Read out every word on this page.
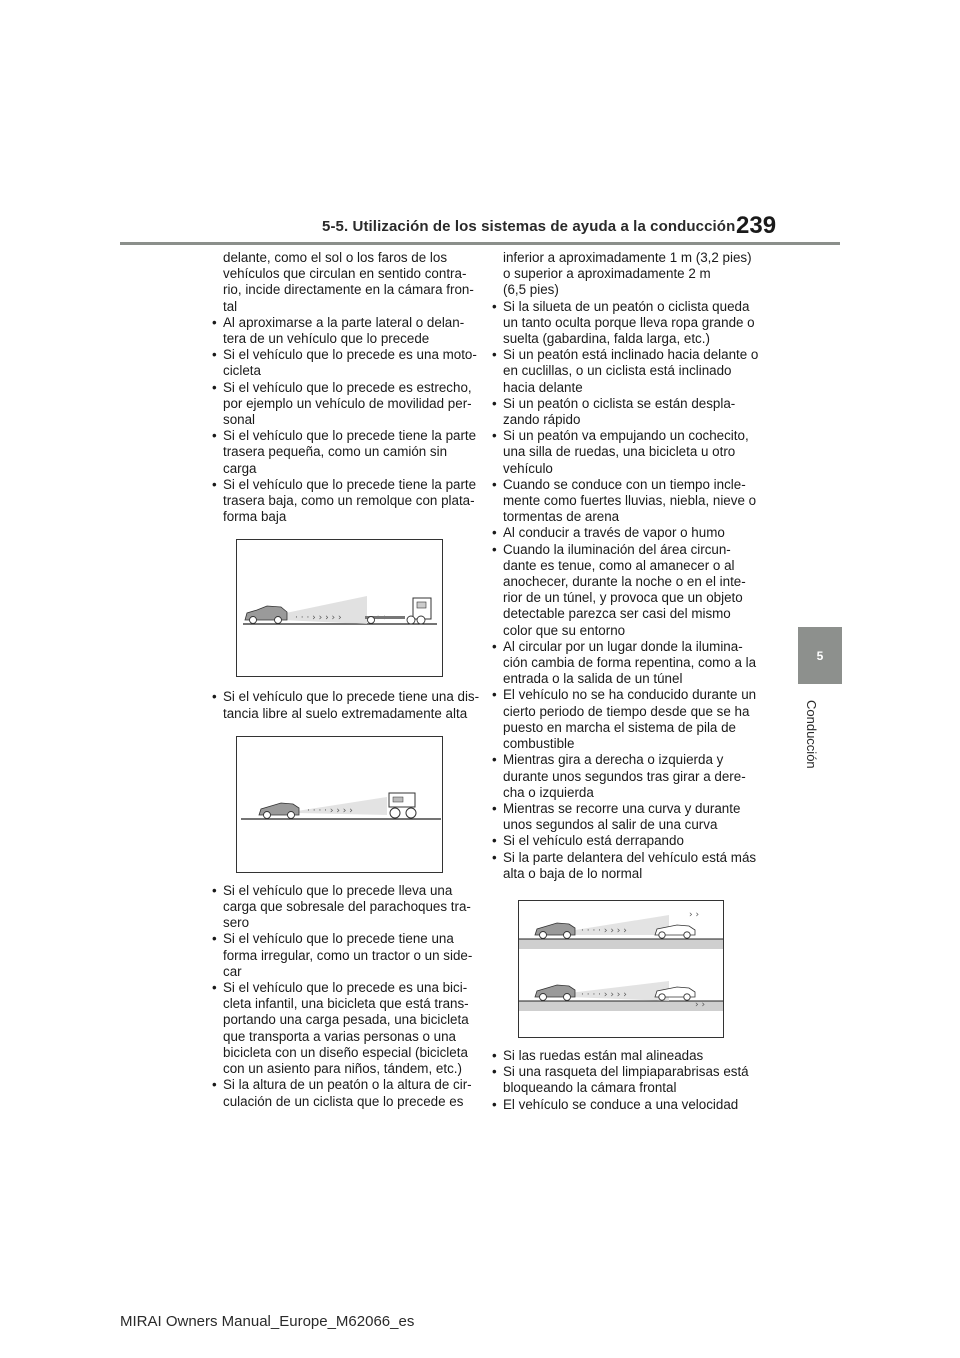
5-5. Utilización de los sistemas de ayuda a la conducción 239
5
Conducción
delante, como el sol o los faros de los
vehículos que circulan en sentido contra-
rio, incide directamente en la cámara fron-
tal
• Al aproximarse a la parte lateral o delan-
tera de un vehículo que lo precede
• Si el vehículo que lo precede es una moto-
cicleta
• Si el vehículo que lo precede es estrecho,
por ejemplo un vehículo de movilidad per-
sonal
• Si el vehículo que lo precede tiene la parte
trasera pequeña, como un camión sin
carga
• Si el vehículo que lo precede tiene la parte
trasera baja, como un remolque con plata-
forma baja
· · · › › › › ›
• Si el vehículo que lo precede tiene una dis-
tancia libre al suelo extremadamente alta
· · · · › › › ›
• Si el vehículo que lo precede lleva una
carga que sobresale del parachoques tra-
sero
• Si el vehículo que lo precede tiene una
forma irregular, como un tractor o un side-
car
• Si el vehículo que lo precede es una bici-
cleta infantil, una bicicleta que está trans-
portando una carga pesada, una bicicleta
que transporta a varias personas o una
bicicleta con un diseño especial (bicicleta
con un asiento para niños, tándem, etc.)
• Si la altura de un peatón o la altura de cir-
culación de un ciclista que lo precede es
inferior a aproximadamente 1 m (3,2 pies)
o superior a aproximadamente 2 m
(6,5 pies)
• Si la silueta de un peatón o ciclista queda
un tanto oculta porque lleva ropa grande o
suelta (gabardina, falda larga, etc.)
• Si un peatón está inclinado hacia delante o
en cuclillas, o un ciclista está inclinado
hacia delante
• Si un peatón o ciclista se están despla-
zando rápido
• Si un peatón va empujando un cochecito,
una silla de ruedas, una bicicleta u otro
vehículo
• Cuando se conduce con un tiempo incle-
mente como fuertes lluvias, niebla, nieve o
tormentas de arena
• Al conducir a través de vapor o humo
• Cuando la iluminación del área circun-
dante es tenue, como al amanecer o al
anochecer, durante la noche o en el inte-
rior de un túnel, y provoca que un objeto
detectable parezca ser casi del mismo
color que su entorno
• Al circular por un lugar donde la ilumina-
ción cambia de forma repentina, como a la
entrada o la salida de un túnel
• El vehículo no se ha conducido durante un
cierto periodo de tiempo desde que se ha
puesto en marcha el sistema de pila de
combustible
• Mientras gira a derecha o izquierda y
durante unos segundos tras girar a dere-
cha o izquierda
• Mientras se recorre una curva y durante
unos segundos al salir de una curva
• Si el vehículo está derrapando
• Si la parte delantera del vehículo está más
alta o baja de lo normal
· · · · › › › ›
› ›
· · · · › › › ›
› ›
• Si las ruedas están mal alineadas
• Si una rasqueta del limpiaparabrisas está
bloqueando la cámara frontal
• El vehículo se conduce a una velocidad
MIRAI Owners Manual_Europe_M62066_es
